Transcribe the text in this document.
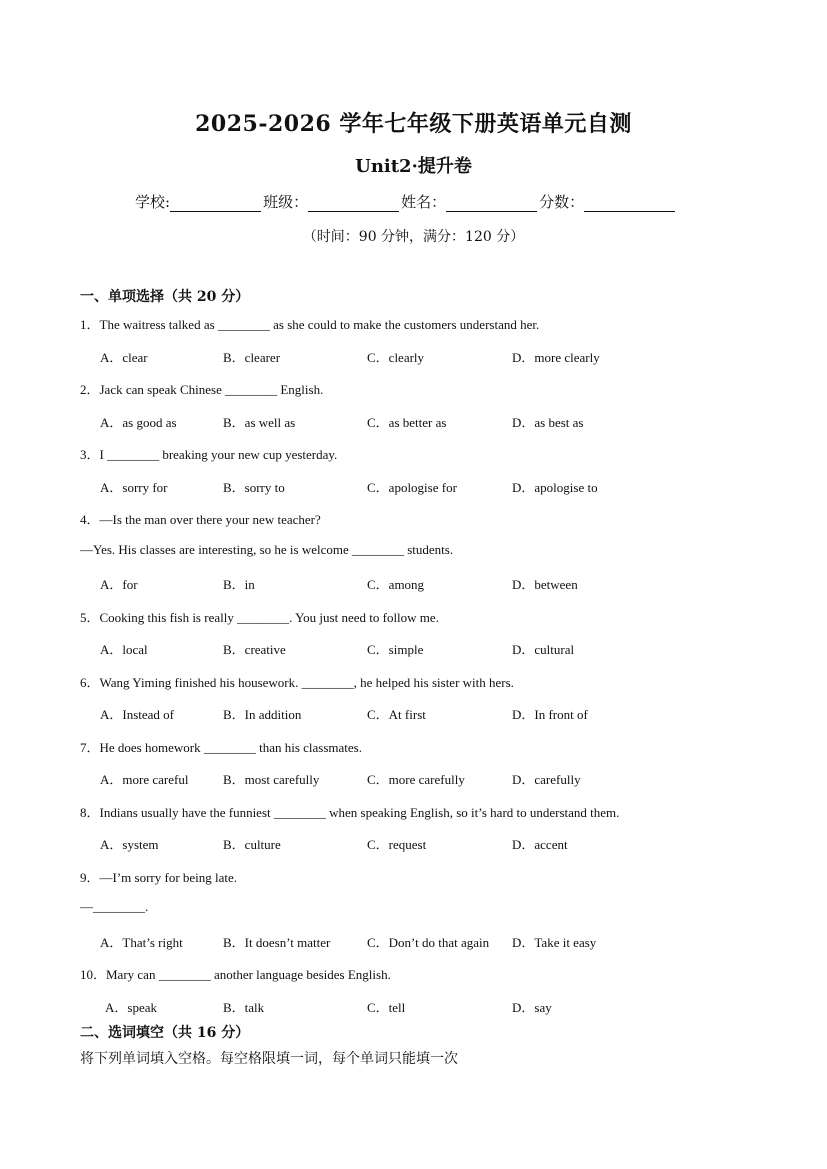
2025-2026 学年七年级下册英语单元自测
Unit2·提升卷
学校:	班级：	姓名：	分数：
（时间：90 分钟，满分：120 分）
一、单项选择（共 20 分）
1．The waitress talked as ________ as she could to make the customers understand her.
A．clear	B．clearer	C．clearly	D．more clearly
2．Jack can speak Chinese ________ English.
A．as good as	B．as well as	C．as better as	D．as best as
3．I ________ breaking your new cup yesterday.
A．sorry for	B．sorry to	C．apologise for	D．apologise to
4．—Is the man over there your new teacher?
—Yes. His classes are interesting, so he is welcome ________ students.
A．for	B．in	C．among	D．between
5．Cooking this fish is really ________. You just need to follow me.
A．local	B．creative	C．simple	D．cultural
6．Wang Yiming finished his housework. ________, he helped his sister with hers.
A．Instead of	B．In addition	C．At first	D．In front of
7．He does homework ________ than his classmates.
A．more careful	B．most carefully	C．more carefully	D．carefully
8．Indians usually have the funniest ________ when speaking English, so it’s hard to understand them.
A．system	B．culture	C．request	D．accent
9．—I’m sorry for being late.
—________.
A．That’s right	B．It doesn’t matter	C．Don’t do that again D．Take it easy
10．Mary can ________ another language besides English.
A．speak	B．talk	C．tell	D．say
二、选词填空（共 16 分）
将下列单词填入空格。每空格限填一词，每个单词只能填一次
